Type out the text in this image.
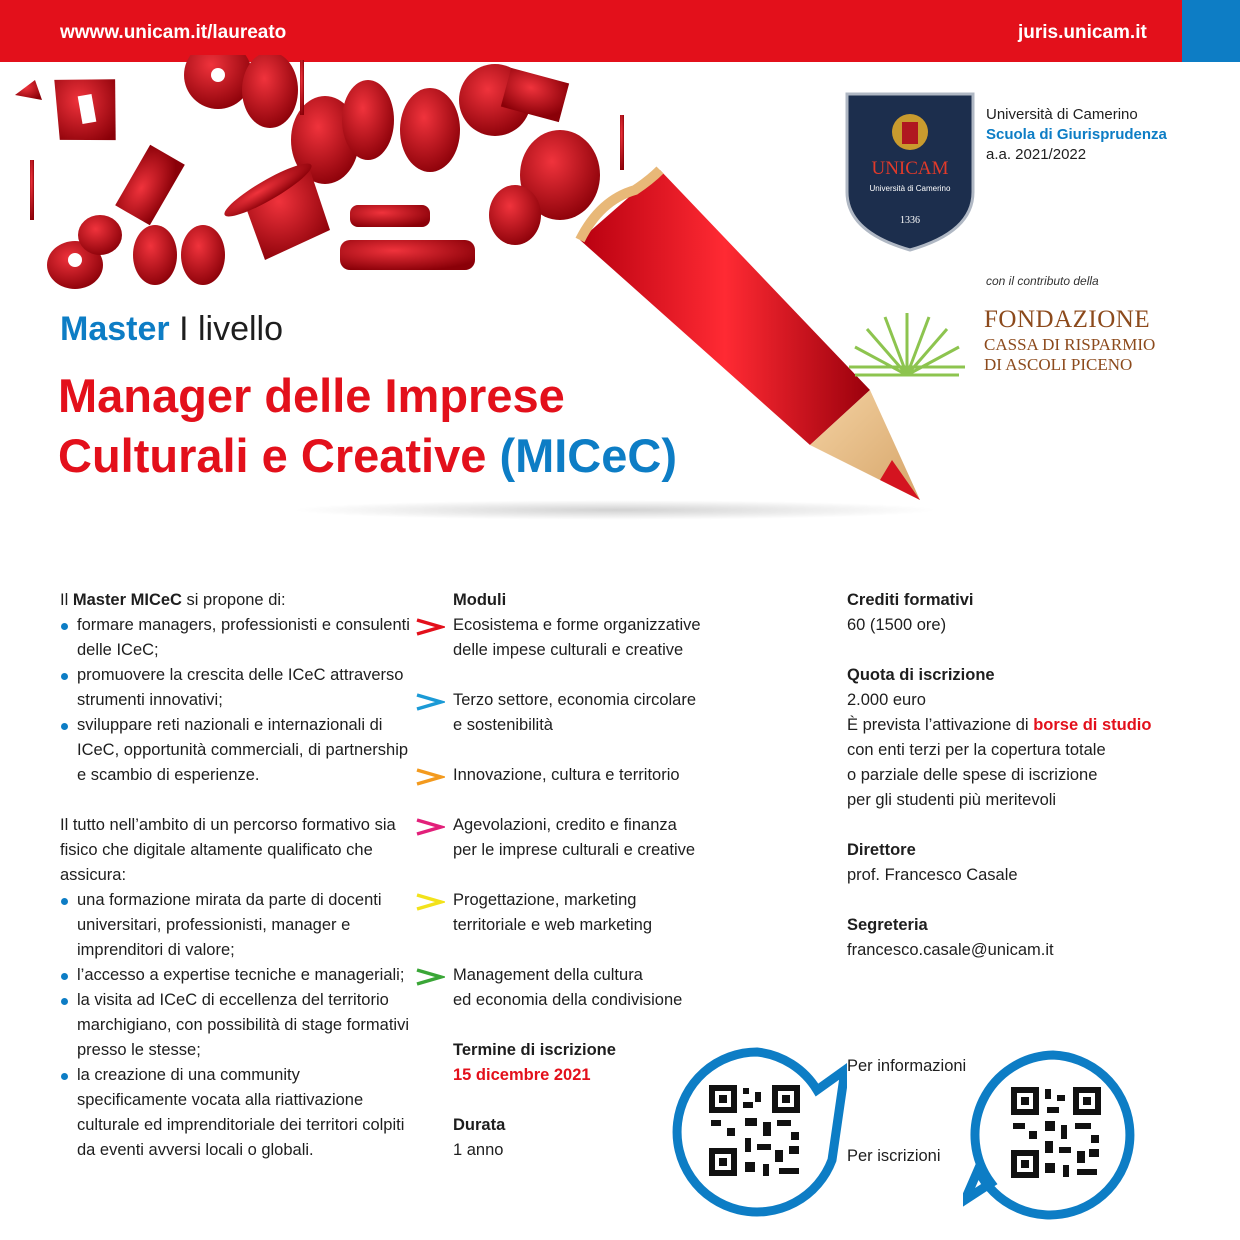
wwww.unicam.it/laureato	juris.unicam.it
UNICAM
Università di Camerino
1336
Università di Camerino
Scuola di Giurisprudenza
a.a. 2021/2022
con il contributo della
FONDAZIONE
CASSA DI RISPARMIO
DI ASCOLI PICENO
Master I livello
Manager delle Imprese
Culturali e Creative (MICeC)
Il Master MICeC si propone di:
formare managers, professionisti e consulenti delle ICeC;
promuovere la crescita delle ICeC attraverso strumenti innovativi;
sviluppare reti nazionali e internazionali di ICeC, opportunità commerciali, di partnership e scambio di esperienze.
Il tutto nell’ambito di un percorso formativo sia fisico che digitale altamente qualificato che assicura:
una formazione mirata da parte di docenti universitari, professionisti, manager e imprenditori di valore;
l’accesso a expertise tecniche e manageriali;
la visita ad ICeC di eccellenza del territorio marchigiano, con possibilità di stage formativi presso le stesse;
la creazione di una community specificamente vocata alla riattivazione culturale ed imprenditoriale dei territori colpiti da eventi avversi locali o globali.
Moduli
Ecosistema e forme organizzative
delle impese culturali e creative
Terzo settore, economia circolare
e sostenibilità
Innovazione, cultura e territorio
Agevolazioni, credito e finanza
per le imprese culturali e creative
Progettazione, marketing
territoriale e web marketing
Management della cultura
ed economia della condivisione
Termine di iscrizione
15 dicembre 2021
Durata
1 anno
Crediti formativi
60 (1500 ore)
Quota di iscrizione
2.000 euro
È prevista l’attivazione di borse di studio
con enti terzi per la copertura totale
o parziale delle spese di iscrizione
per gli studenti più meritevoli
Direttore
prof. Francesco Casale
Segreteria
francesco.casale@unicam.it
Per informazioni
Per iscrizioni
